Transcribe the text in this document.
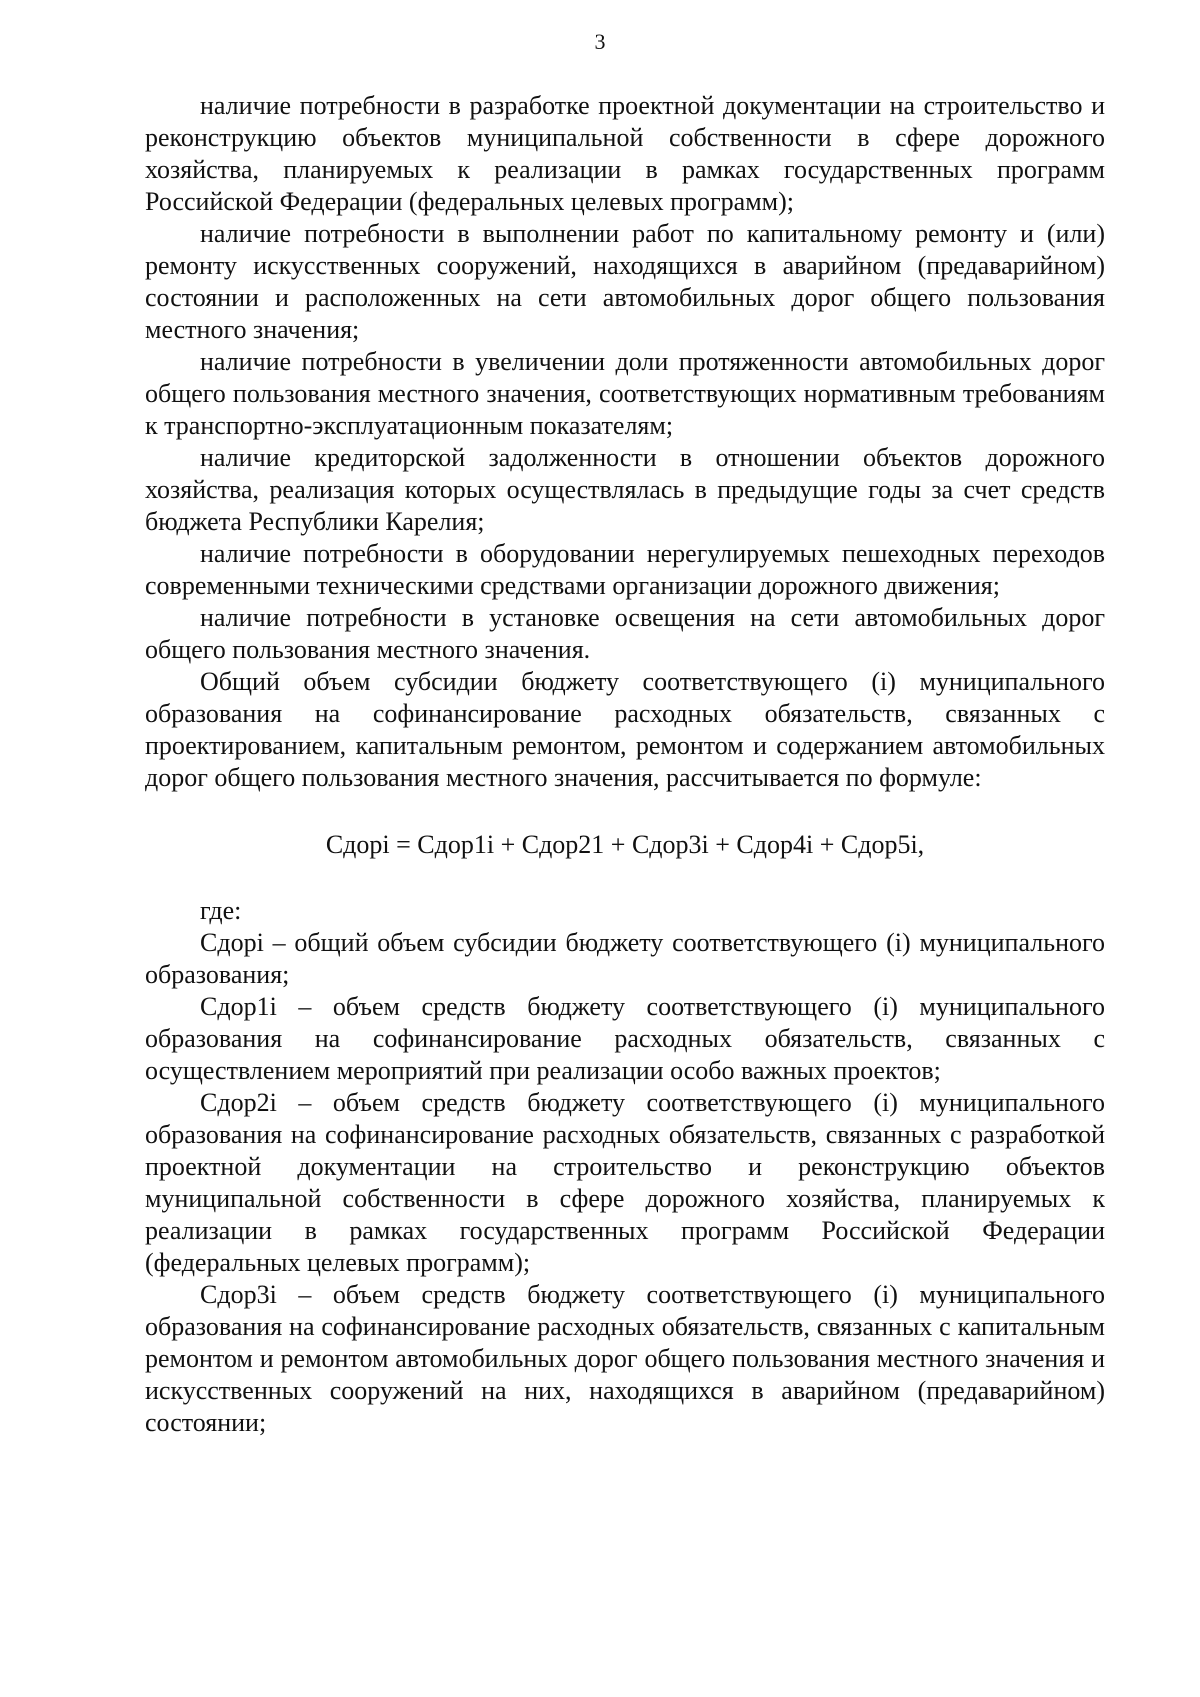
3

наличие потребности в разработке проектной документации на строительство и реконструкцию объектов муниципальной собственности в сфере дорожного хозяйства, планируемых к реализации в рамках государственных программ Российской Федерации (федеральных целевых программ);

наличие потребности в выполнении работ по капитальному ремонту и (или) ремонту искусственных сооружений, находящихся в аварийном (предаварийном) состоянии и расположенных на сети автомобильных дорог общего пользования местного значения;

наличие потребности в увеличении доли протяженности автомобильных дорог общего пользования местного значения, соответствующих нормативным требованиям к транспортно-эксплуатационным показателям;

наличие кредиторской задолженности в отношении объектов дорожного хозяйства, реализация которых осуществлялась в предыдущие годы за счет средств бюджета Республики Карелия;

наличие потребности в оборудовании нерегулируемых пешеходных переходов современными техническими средствами организации дорожного движения;

наличие потребности в установке освещения на сети автомобильных дорог общего пользования местного значения.

Общий объем субсидии бюджету соответствующего (i) муниципального образования на софинансирование расходных обязательств, связанных с проектированием, капитальным ремонтом, ремонтом и содержанием автомобильных дорог общего пользования местного значения, рассчитывается по формуле:

Сдорi = Сдор1i + Сдор21 + Сдор3i + Сдор4i + Сдор5i,

где:

Сдорi – общий объем субсидии бюджету соответствующего (i) муниципального образования;

Сдор1i – объем средств бюджету соответствующего (i) муниципального образования на софинансирование расходных обязательств, связанных с осуществлением мероприятий при реализации особо важных проектов;

Сдор2i – объем средств бюджету соответствующего (i) муниципального образования на софинансирование расходных обязательств, связанных с разработкой проектной документации на строительство и реконструкцию объектов муниципальной собственности в сфере дорожного хозяйства, планируемых к реализации в рамках государственных программ Российской Федерации (федеральных целевых программ);

Сдор3i – объем средств бюджету соответствующего (i) муниципального образования на софинансирование расходных обязательств, связанных с капитальным ремонтом и ремонтом автомобильных дорог общего пользования местного значения и искусственных сооружений на них, находящихся в аварийном (предаварийном) состоянии;
